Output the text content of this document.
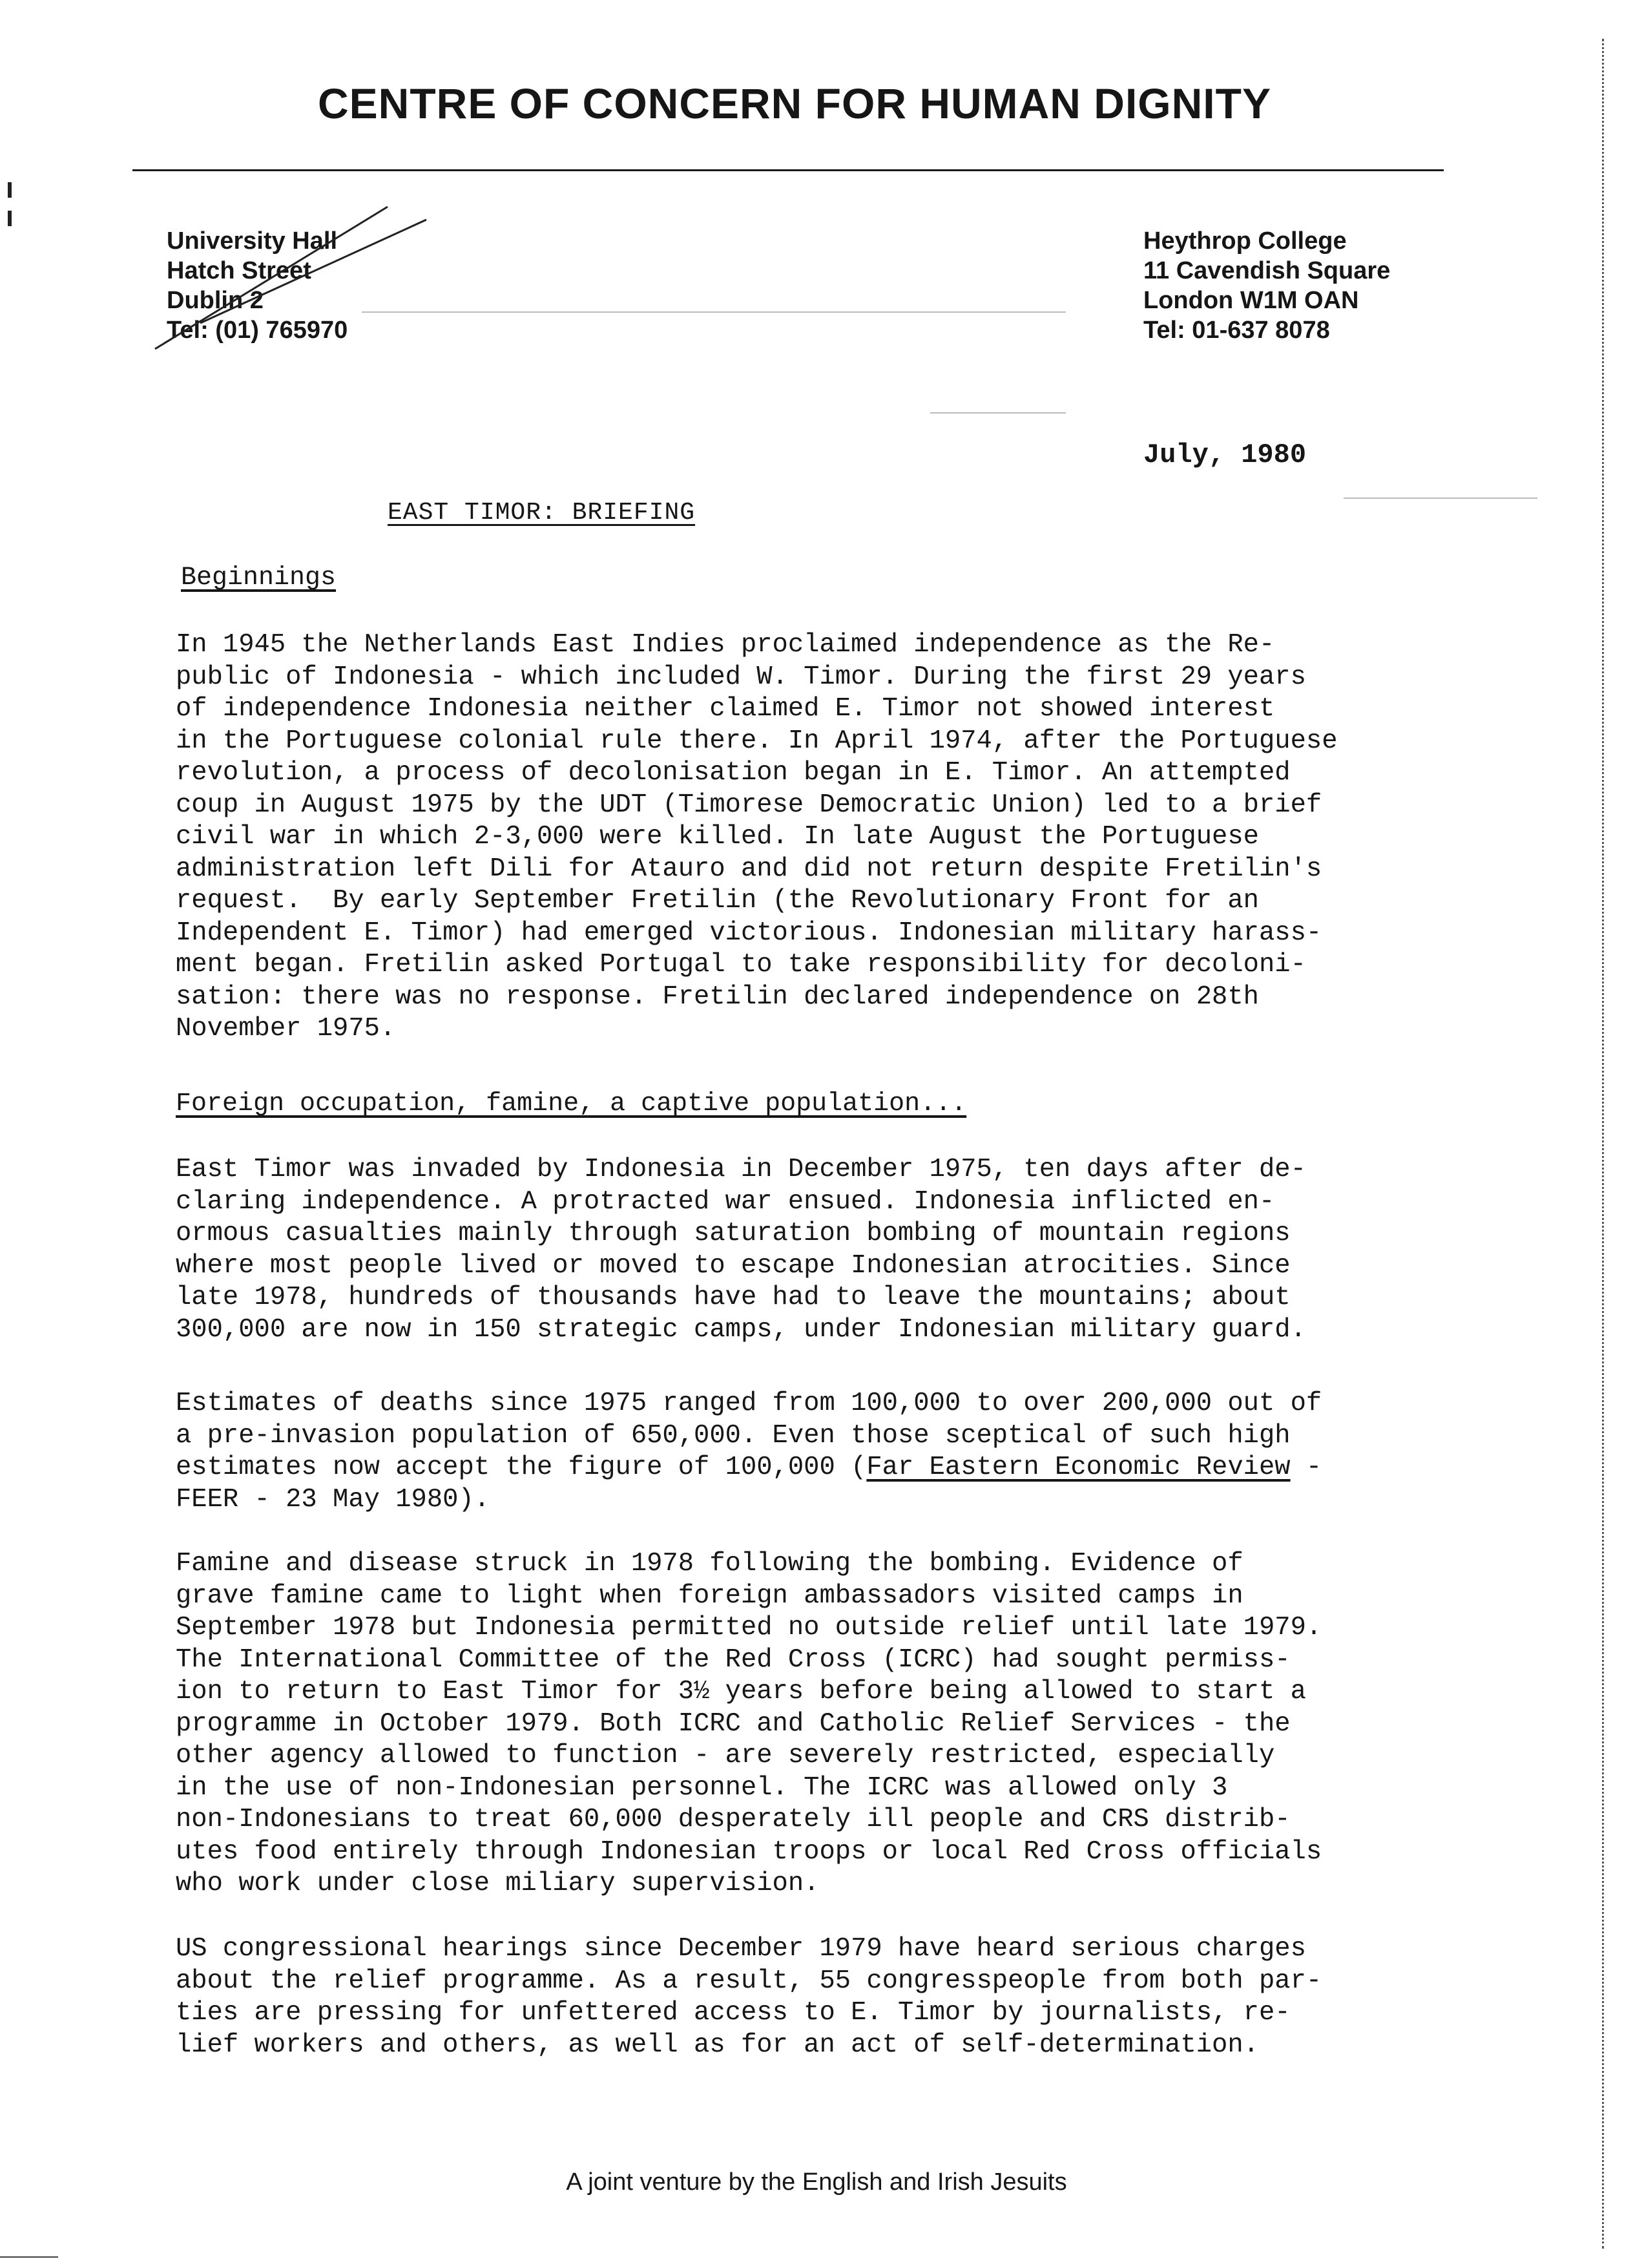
CENTRE OF CONCERN FOR HUMAN DIGNITY
University Hall
Hatch Street
Dublin 2
Tel: (01) 765970
Heythrop College
11 Cavendish Square
London W1M OAN
Tel: 01-637 8078
July, 1980
EAST TIMOR: BRIEFING
Beginnings
In 1945 the Netherlands East Indies proclaimed independence as the Re-
public of Indonesia - which included W. Timor. During the first 29 years
of independence Indonesia neither claimed E. Timor not showed interest
in the Portuguese colonial rule there. In April 1974, after the Portuguese
revolution, a process of decolonisation began in E. Timor. An attempted
coup in August 1975 by the UDT (Timorese Democratic Union) led to a brief
civil war in which 2-3,000 were killed. In late August the Portuguese
administration left Dili for Atauro and did not return despite Fretilin's
request.  By early September Fretilin (the Revolutionary Front for an
Independent E. Timor) had emerged victorious. Indonesian military harass-
ment began. Fretilin asked Portugal to take responsibility for decoloni-
sation: there was no response. Fretilin declared independence on 28th
November 1975.
Foreign occupation, famine, a captive population...
East Timor was invaded by Indonesia in December 1975, ten days after de-
claring independence. A protracted war ensued. Indonesia inflicted en-
ormous casualties mainly through saturation bombing of mountain regions
where most people lived or moved to escape Indonesian atrocities. Since
late 1978, hundreds of thousands have had to leave the mountains; about
300,000 are now in 150 strategic camps, under Indonesian military guard.
Estimates of deaths since 1975 ranged from 100,000 to over 200,000 out of
a pre-invasion population of 650,000. Even those sceptical of such high
estimates now accept the figure of 100,000 (Far Eastern Economic Review -
FEER - 23 May 1980).
Famine and disease struck in 1978 following the bombing. Evidence of
grave famine came to light when foreign ambassadors visited camps in
September 1978 but Indonesia permitted no outside relief until late 1979.
The International Committee of the Red Cross (ICRC) had sought permiss-
ion to return to East Timor for 3½ years before being allowed to start a
programme in October 1979. Both ICRC and Catholic Relief Services - the
other agency allowed to function - are severely restricted, especially
in the use of non-Indonesian personnel. The ICRC was allowed only 3
non-Indonesians to treat 60,000 desperately ill people and CRS distrib-
utes food entirely through Indonesian troops or local Red Cross officials
who work under close miliary supervision.
US congressional hearings since December 1979 have heard serious charges
about the relief programme. As a result, 55 congresspeople from both par-
ties are pressing for unfettered access to E. Timor by journalists, re-
lief workers and others, as well as for an act of self-determination.
A joint venture by the English and Irish Jesuits
